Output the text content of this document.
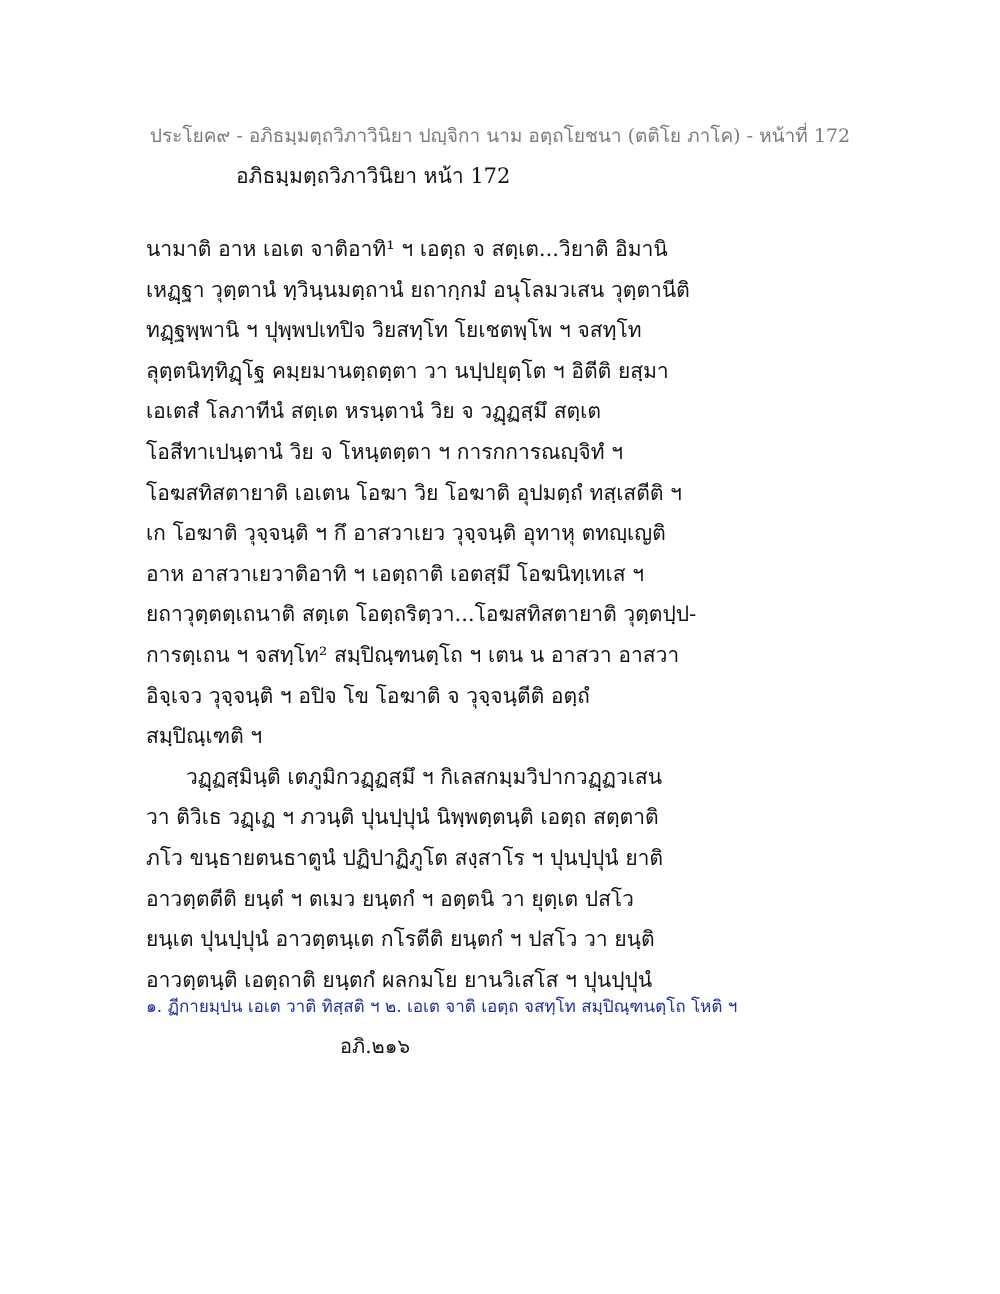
ประโยค๙ - อภิธมฺมตฺถวิภาวินิยา ปญฺจิกา นาม อตฺถโยชนา (ตติโย ภาโค) - หน้าที่ 172
อภิธมฺมตฺถวิภาวินิยา หน้า 172
นามาติ อาห เอเต จาติอาทิ¹ ฯ เอตฺถ จ สตฺเต...วิยาติ อิมานิ
เหฏฺฐา วุตฺตานํ ทฺวินฺนมตฺถานํ ยถากฺกมํ อนุโลมวเสน วุตฺตานีติ
ทฏฺฐพฺพานิ ฯ ปุพฺพปเทปิจ วิยสทฺโท โยเชตพฺโพ ฯ จสทฺโท
ลุตฺตนิทฺทิฏฺโฐ คมฺยมานตฺถตฺตา วา นปฺปยุตฺโต ฯ อิตีติ ยสฺมา
เอเตสํ โลภาทีนํ สตฺเต หรนฺตานํ วิย จ วฏฺฏสฺมึ สตฺเต
โอสีทาเปนฺตานํ วิย จ โหนฺตตฺตา ฯ การกการณญฺจิทํ ฯ
โอฆสทิสตายาติ เอเตน โอฆา วิย โอฆาติ อุปมตฺถํ ทสฺเสตีติ ฯ
เก โอฆาติ วุจฺจนฺติ ฯ กึ อาสวาเยว วุจฺจนฺติ อุทาหุ ตทญฺเญติ
อาห อาสวาเยวาติอาทิ ฯ เอตฺถาติ เอตสฺมึ โอฆนิทฺเทเส ฯ
ยถาวุตฺตตฺเถนาติ สตฺเต โอตฺถริตฺวา...โอฆสทิสตายาติ วุตฺตปฺป-
การตฺเถน ฯ จสทฺโท² สมฺปิณฺฑนตฺโถ ฯ เตน น อาสวา อาสวา
อิจฺเจว วุจฺจนฺติ ฯ อปิจ โข โอฆาติ จ วุจฺจนฺตีติ อตฺถํ
สมฺปิณฺเฑติ ฯ
วฏฺฏสฺมินฺติ เตภูมิกวฏฺฏสฺมึ ฯ กิเลสกมฺมวิปากวฏฺฏวเสน
วา ติวิเธ วฏฺเฏ ฯ ภวนฺติ ปุนปฺปุนํ นิพฺพตฺตนฺติ เอตฺถ สตฺตาติ
ภโว ขนฺธายตนธาตูนํ ปฏิปาฏิภูโต สงฺสาโร ฯ ปุนปฺปุนํ ยาติ
อาวตฺตตีติ ยนฺตํ ฯ ตเมว ยนฺตกํ ฯ อตฺตนิ วา ยุตฺเต ปสโว
ยนฺเต ปุนปฺปุนํ อาวตฺตนฺเต กโรตีติ ยนฺตกํ ฯ ปสโว วา ยนฺติ
อาวตฺตนฺติ เอตฺถาติ ยนฺตกํ ผลกมโย ยานวิเสโส ฯ ปุนปฺปุนํ
๑. ฏีกายมฺปน เอเต วาติ ทิสฺสติ ฯ ๒. เอเต จาติ เอตฺถ จสทฺโท สมฺปิณฺฑนตฺโถ โหติ ฯ
อภิ.๒๑๖
